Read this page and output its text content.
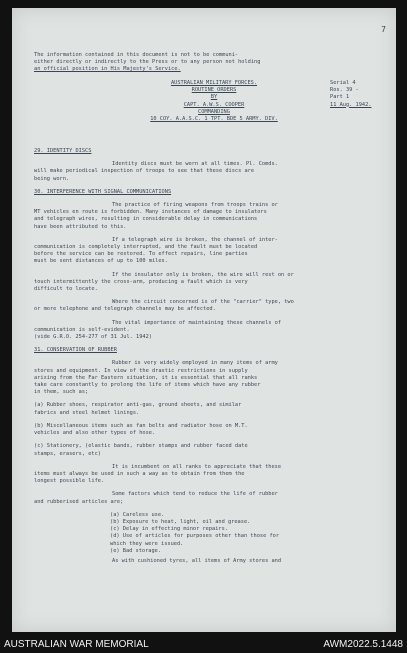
7
The information contained in this document is not to be communi-
either directly or indirectly to the Press or to any person not holding
an official position in His Majesty's Service.
AUSTRALIAN MILITARY FORCES.
ROUTINE ORDERS
BY
CAPT. A.W.S. COOPER
COMMANDING
10 COY. A.A.S.C. 1 TPT. BDE 5 ARMY. DIV.
Serial 4
Ros. 39 -
Part 1
11 Aug. 1942.
29. IDENTITY DISCS

Identity discs must be worn at all times. Pl. Comds.
will make periodical inspection of troops to see that these discs are
being worn.

30. INTERFERENCE WITH SIGNAL COMMUNICATIONS

The practice of firing weapons from troops trains or
MT vehicles en route is forbidden. Many instances of damage to insulators
and telegraph wires, resulting in considerable delay in communications
have been attributed to this.

If a telegraph wire is broken, the channel of inter-
communication is completely interrupted, and the fault must be located
before the service can be restored. To effect repairs, line parties
must be sent distances of up to 100 miles.

If the insulator only is broken, the wire will rest on or
touch intermittently the cross-arm, producing a fault which is very
difficult to locate.

Where the circuit concerned is of the "carrier" type, two
or more telephone and telegraph channels may be affected.

The vital importance of maintaining these channels of
communication is self-evident.
(vide G.R.O. 254-277 of 31 Jul. 1942)

31. CONSERVATION OF RUBBER

Rubber is very widely employed in many items of army
stores and equipment. In view of the drastic restrictions in supply
arising from the Far Eastern situation, it is essential that all ranks
take care constantly to prolong the life of items which have any rubber
in them, such as;

(a) Rubber shoes, respirator anti-gas, ground sheets, and similar
fabrics and steel helmet linings.

(b) Miscellaneous items such as fan belts and radiator hose on M.T.
vehicles and also other types of hose.

(c) Stationery, (elastic bands, rubber stamps and rubber faced date
stamps, erasers, etc)

It is incumbent on all ranks to appreciate that these
items must always be used in such a way as to obtain from them the
longest possible life.

Some factors which tend to reduce the life of rubber
and rubberised articles are;

(a) Careless use.
(b) Exposure to heat, light, oil and grease.
(c) Delay in effecting minor repairs.
(d) Use of articles for purposes other than those for
which they were issued.
(e) Bad storage.

As with cushioned tyres, all items of Army stores and

AUSTRALIAN WAR MEMORIAL	AWM2022.5.1448
